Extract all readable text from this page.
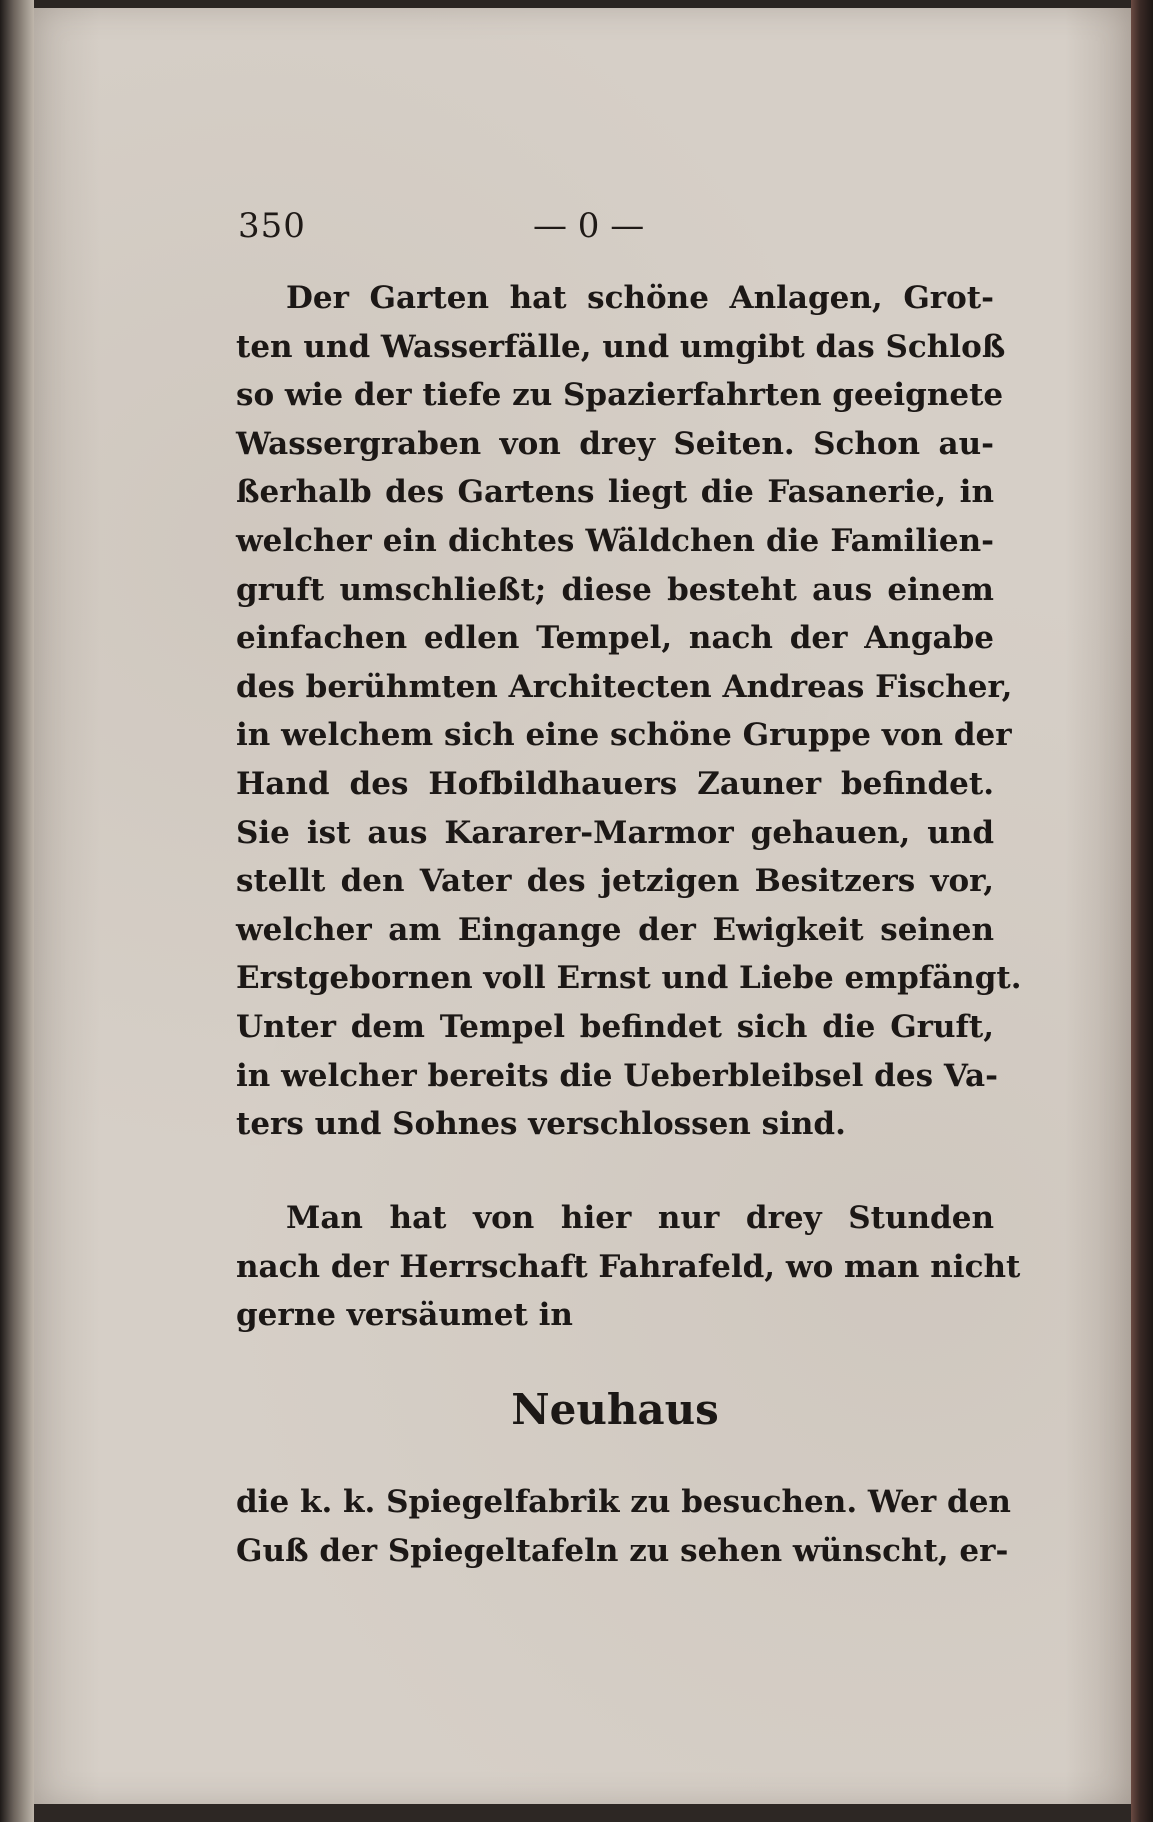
350	— 0 —
Der Garten hat schöne Anlagen, Grot-
ten und Wasserfälle, und umgibt das Schloß
so wie der tiefe zu Spazierfahrten geeignete
Wassergraben von drey Seiten. Schon au-
ßerhalb des Gartens liegt die Fasanerie, in
welcher ein dichtes Wäldchen die Familien-
gruft umschließt; diese besteht aus einem
einfachen edlen Tempel, nach der Angabe
des berühmten Architecten Andreas Fischer,
in welchem sich eine schöne Gruppe von der
Hand des Hofbildhauers Zauner befindet.
Sie ist aus Kararer-Marmor gehauen, und
stellt den Vater des jetzigen Besitzers vor,
welcher am Eingange der Ewigkeit seinen
Erstgebornen voll Ernst und Liebe empfängt.
Unter dem Tempel befindet sich die Gruft,
in welcher bereits die Ueberbleibsel des Va-
ters und Sohnes verschlossen sind.
Man hat von hier nur drey Stunden
nach der Herrschaft Fahrafeld, wo man nicht
gerne versäumet in
Neuhaus
die k. k. Spiegelfabrik zu besuchen. Wer den
Guß der Spiegeltafeln zu sehen wünscht, er-
